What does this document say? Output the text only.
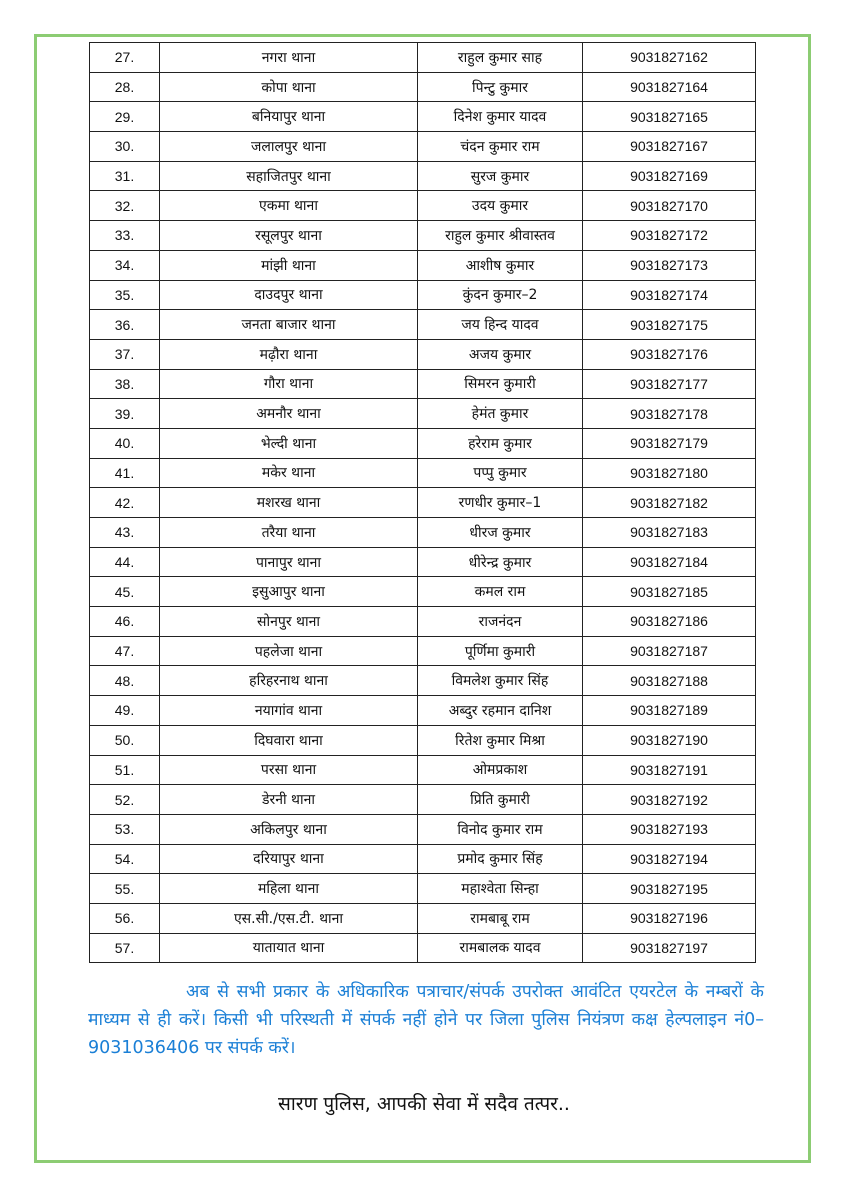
27.	नगरा थाना	राहुल कुमार साह	9031827162
28.	कोपा थाना	पिन्टु कुमार	9031827164
29.	बनियापुर थाना	दिनेश कुमार यादव	9031827165
30.	जलालपुर थाना	चंदन कुमार राम	9031827167
31.	सहाजितपुर थाना	सुरज कुमार	9031827169
32.	एकमा थाना	उदय कुमार	9031827170
33.	रसूलपुर थाना	राहुल कुमार श्रीवास्तव	9031827172
34.	मांझी थाना	आशीष कुमार	9031827173
35.	दाउदपुर थाना	कुंदन कुमार–2	9031827174
36.	जनता बाजार थाना	जय हिन्द यादव	9031827175
37.	मढ़ौरा थाना	अजय कुमार	9031827176
38.	गौरा थाना	सिमरन कुमारी	9031827177
39.	अमनौर थाना	हेमंत कुमार	9031827178
40.	भेल्दी थाना	हरेराम कुमार	9031827179
41.	मकेर थाना	पप्पु कुमार	9031827180
42.	मशरख थाना	रणधीर कुमार–1	9031827182
43.	तरैया थाना	धीरज कुमार	9031827183
44.	पानापुर थाना	धीरेन्द्र कुमार	9031827184
45.	इसुआपुर थाना	कमल राम	9031827185
46.	सोनपुर थाना	राजनंदन	9031827186
47.	पहलेजा थाना	पूर्णिमा कुमारी	9031827187
48.	हरिहरनाथ थाना	विमलेश कुमार सिंह	9031827188
49.	नयागांव थाना	अब्दुर रहमान दानिश	9031827189
50.	दिघवारा थाना	रितेश कुमार मिश्रा	9031827190
51.	परसा थाना	ओमप्रकाश	9031827191
52.	डेरनी थाना	प्रिति कुमारी	9031827192
53.	अकिलपुर थाना	विनोद कुमार राम	9031827193
54.	दरियापुर थाना	प्रमोद कुमार सिंह	9031827194
55.	महिला थाना	महाश्वेता सिन्हा	9031827195
56.	एस.सी./एस.टी. थाना	रामबाबू राम	9031827196
57.	यातायात थाना	रामबालक यादव	9031827197
अब से सभी प्रकार के अधिकारिक पत्राचार/संपर्क उपरोक्त आवंटित एयरटेल के नम्बरों के माध्यम से ही करें। किसी भी परिस्थती में संपर्क नहीं होने पर जिला पुलिस नियंत्रण कक्ष हेल्पलाइन नं0–9031036406 पर संपर्क करें।
सारण पुलिस, आपकी सेवा में सदैव तत्पर..
